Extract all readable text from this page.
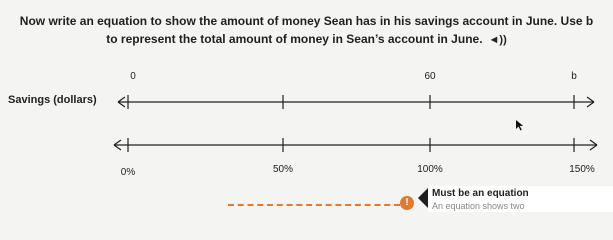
Now write an equation to show the amount of money Sean has in his savings account in June. Use b
to represent the total amount of money in Sean’s account in June. ◄))
Savings (dollars)
0	60	b
0%	50%	100%	150%
!
Must be an equation
An equation shows two
